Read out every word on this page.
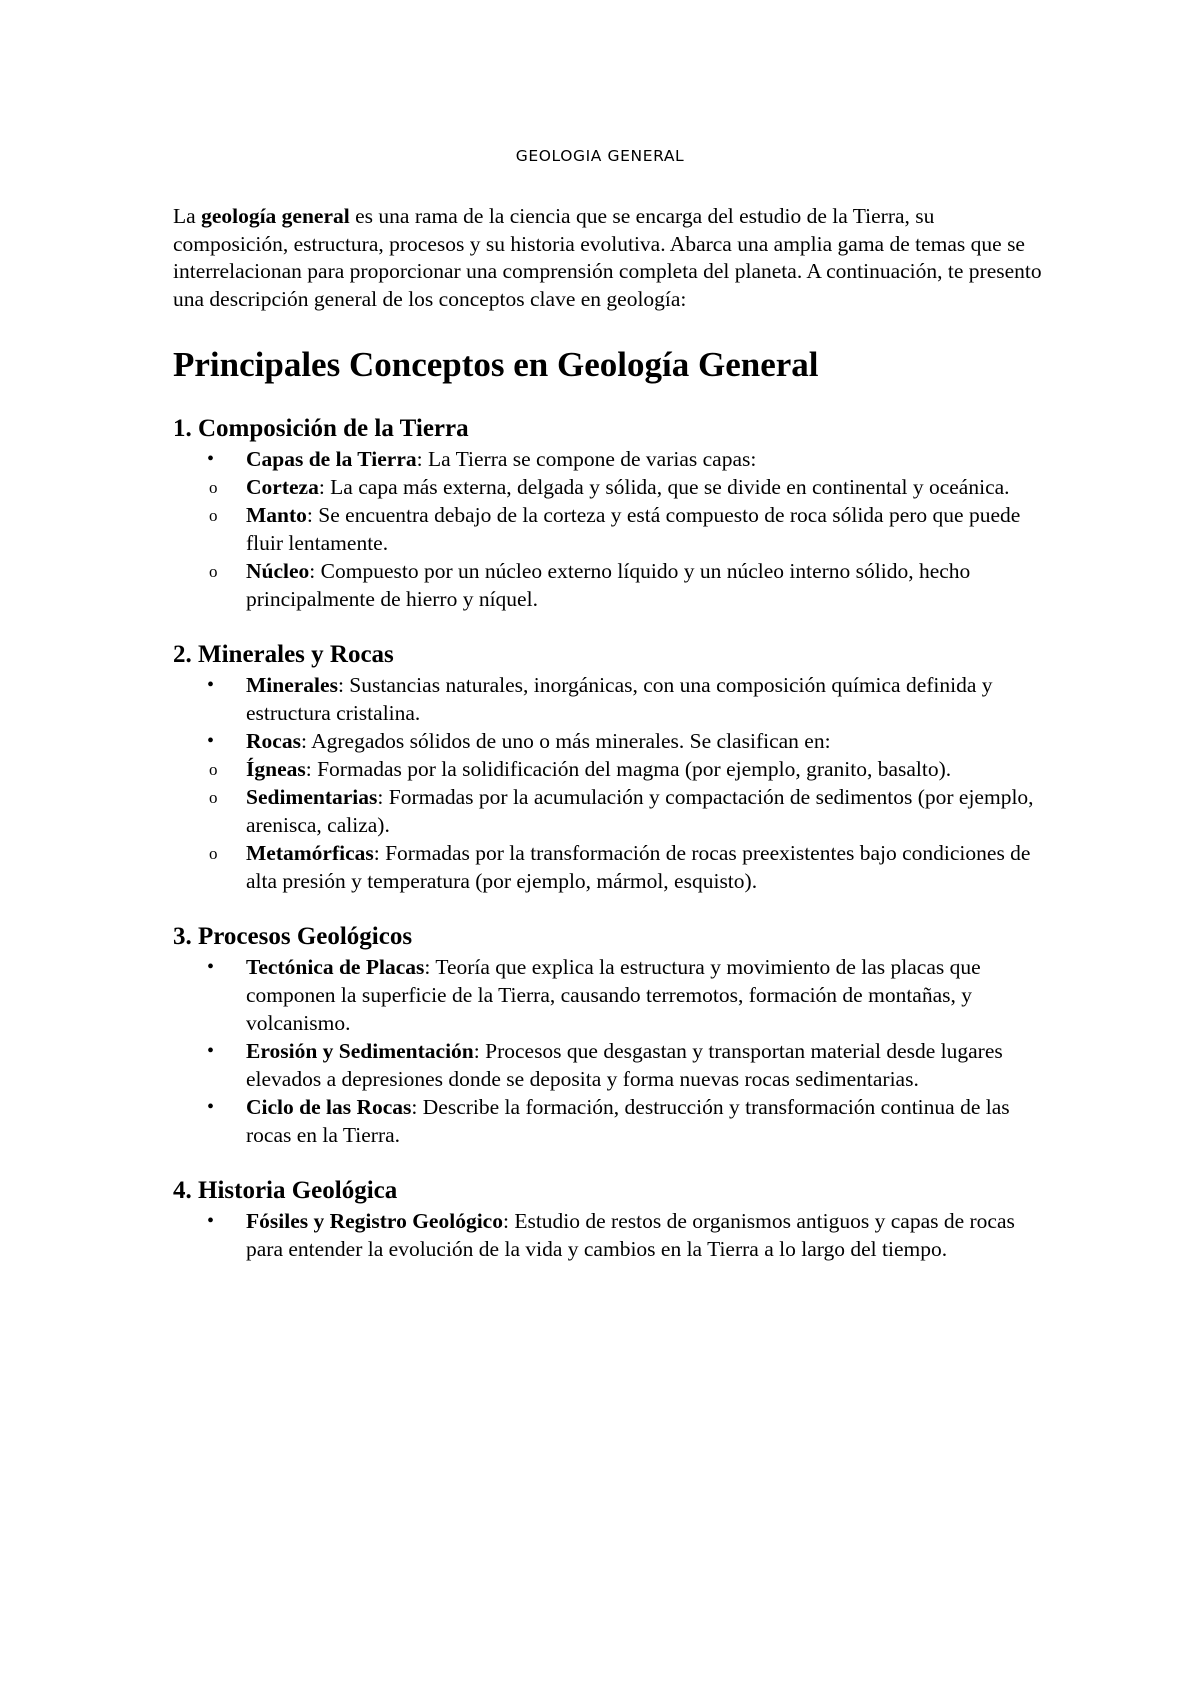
GEOLOGIA GENERAL

La geología general es una rama de la ciencia que se encarga del estudio de la Tierra, su composición, estructura, procesos y su historia evolutiva. Abarca una amplia gama de temas que se interrelacionan para proporcionar una comprensión completa del planeta. A continuación, te presento una descripción general de los conceptos clave en geología:

Principales Conceptos en Geología General
1. Composición de la Tierra
• Capas de la Tierra: La Tierra se compone de varias capas:
o Corteza: La capa más externa, delgada y sólida, que se divide en continental y oceánica.
o Manto: Se encuentra debajo de la corteza y está compuesto de roca sólida pero que puede fluir lentamente.
o Núcleo: Compuesto por un núcleo externo líquido y un núcleo interno sólido, hecho principalmente de hierro y níquel.
2. Minerales y Rocas
• Minerales: Sustancias naturales, inorgánicas, con una composición química definida y estructura cristalina.
• Rocas: Agregados sólidos de uno o más minerales. Se clasifican en:
o Ígneas: Formadas por la solidificación del magma (por ejemplo, granito, basalto).
o Sedimentarias: Formadas por la acumulación y compactación de sedimentos (por ejemplo, arenisca, caliza).
o Metamórficas: Formadas por la transformación de rocas preexistentes bajo condiciones de alta presión y temperatura (por ejemplo, mármol, esquisto).
3. Procesos Geológicos
• Tectónica de Placas: Teoría que explica la estructura y movimiento de las placas que componen la superficie de la Tierra, causando terremotos, formación de montañas, y volcanismo.
• Erosión y Sedimentación: Procesos que desgastan y transportan material desde lugares elevados a depresiones donde se deposita y forma nuevas rocas sedimentarias.
• Ciclo de las Rocas: Describe la formación, destrucción y transformación continua de las rocas en la Tierra.
4. Historia Geológica
• Fósiles y Registro Geológico: Estudio de restos de organismos antiguos y capas de rocas para entender la evolución de la vida y cambios en la Tierra a lo largo del tiempo.
